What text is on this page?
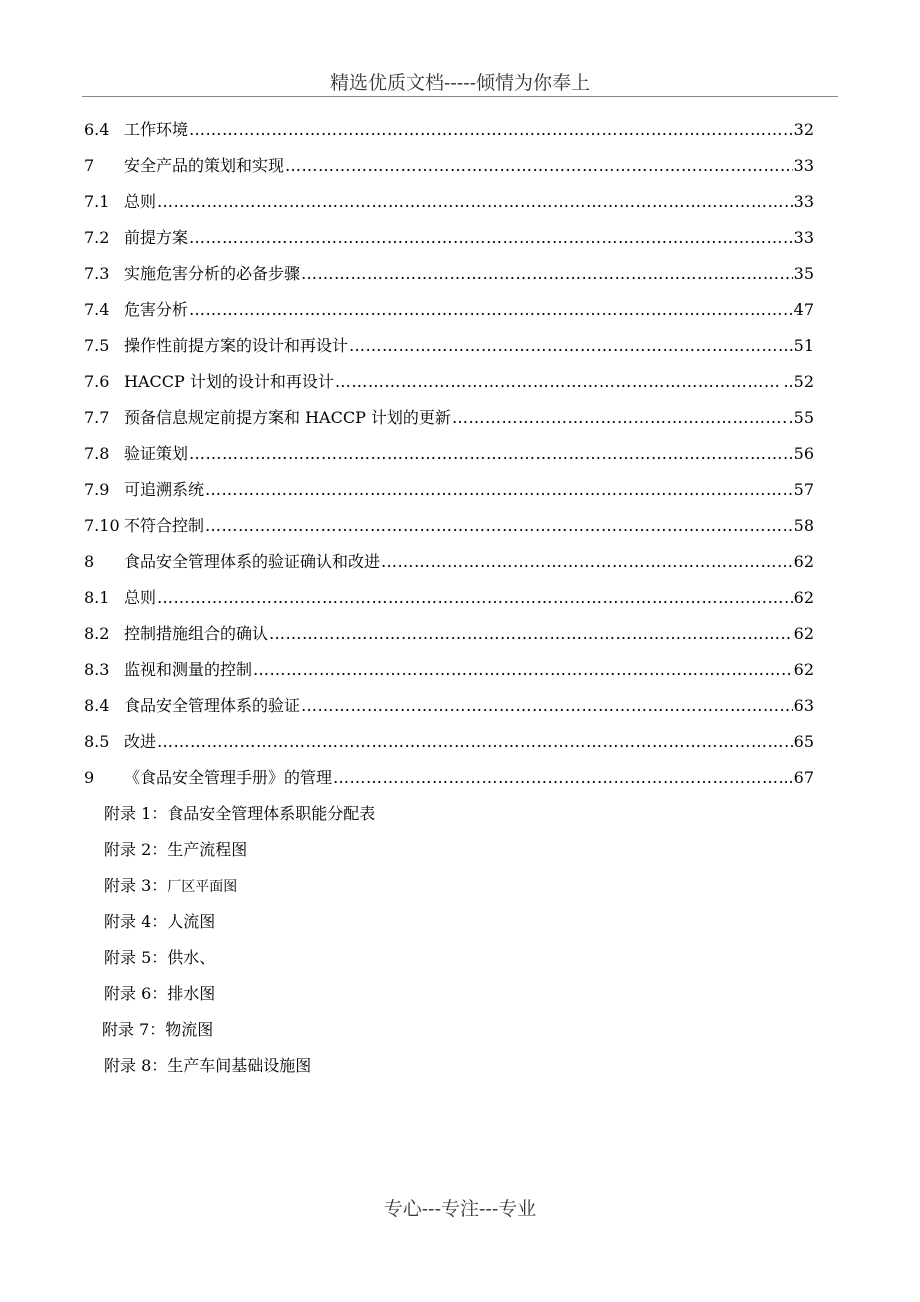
精选优质文档-----倾情为你奉上
6.4 工作环境 ……………………………………………………………………………………………………………………………………………………………	32
7	安全产品的策划和实现 ……………………………………………………………………………………………………………………………………………………………	33
7.1 总则 ……………………………………………………………………………………………………………………………………………………………	33
7.2 前提方案 ……………………………………………………………………………………………………………………………………………………………	33
7.3 实施危害分析的必备步骤 ……………………………………………………………………………………………………………………………………………………………	35
7.4 危害分析 ……………………………………………………………………………………………………………………………………………………………	47
7.5 操作性前提方案的设计和再设计 ……………………………………………………………………………………………………………………………………………………………	51
7.6 HACCP 计划的设计和再设计 ……………………………………………………………………………………………………………………………………………………………	..52
7.7 预备信息规定前提方案和 HACCP 计划的更新 ……………………………………………………………………………………………………………………………………………………………	.55
7.8 验证策划 ……………………………………………………………………………………………………………………………………………………………	56
7.9 可追溯系统 ……………………………………………………………………………………………………………………………………………………………	57
7.10 不符合控制 ……………………………………………………………………………………………………………………………………………………………	58
8	食品安全管理体系的验证确认和改进 ……………………………………………………………………………………………………………………………………………………………	62
8.1 总则 ……………………………………………………………………………………………………………………………………………………………	62
8.2 控制措施组合的确认 ……………………………………………………………………………………………………………………………………………………………	62
8.3 监视和测量的控制 ……………………………………………………………………………………………………………………………………………………………	62
8.4 食品安全管理体系的验证 ……………………………………………………………………………………………………………………………………………………………	63
8.5 改进 ……………………………………………………………………………………………………………………………………………………………	65
9	《食品安全管理手册》的管理 ……………………………………………………………………………………………………………………………………………………………	..67
附录 1：食品安全管理体系职能分配表
附录 2：生产流程图
附录 3：厂区平面图
附录 4：人流图
附录 5：供水、
附录 6：排水图
附录 7：物流图
附录 8：生产车间基础设施图
专心---专注---专业
